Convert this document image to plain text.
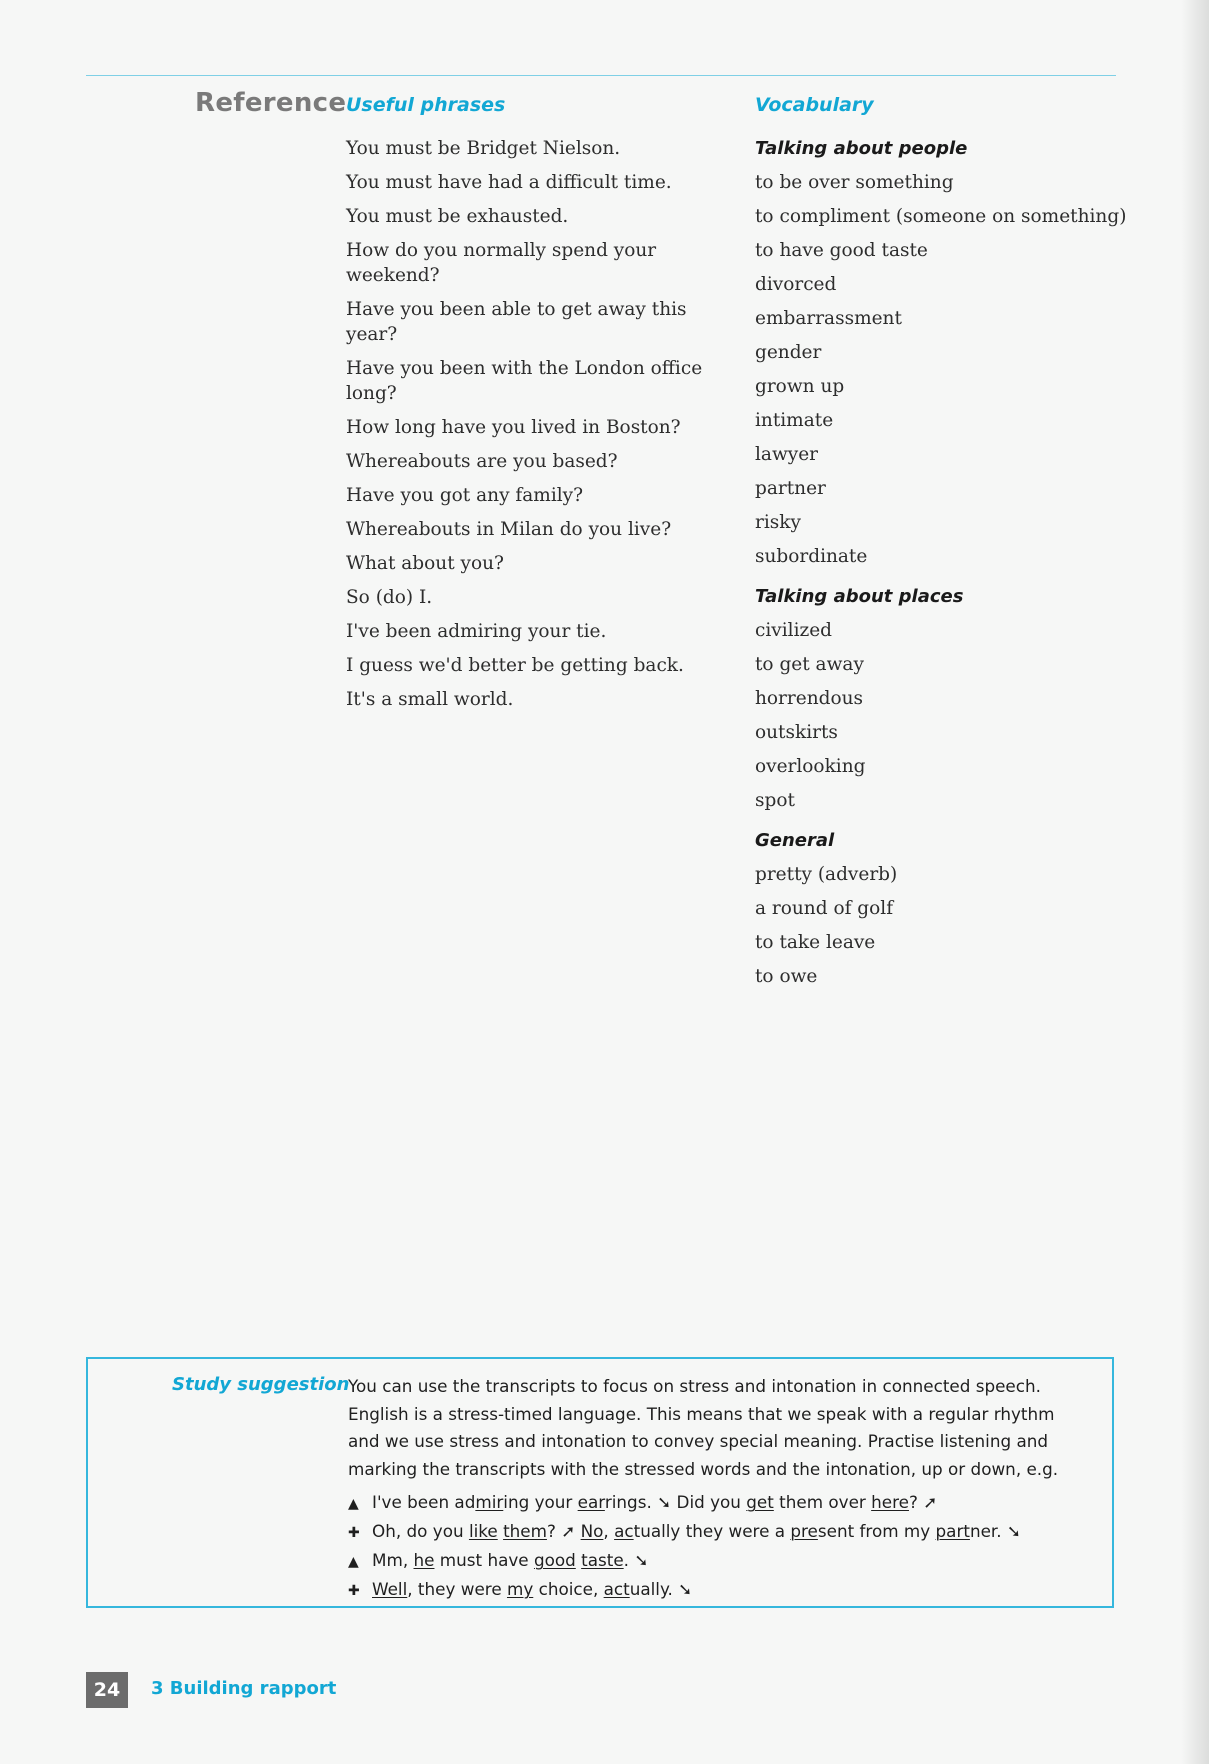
Reference Useful phrases	Vocabulary
You must be Bridget Nielson.
You must have had a difficult time.
You must be exhausted.
How do you normally spend your weekend?
Have you been able to get away this year?
Have you been with the London office long?
How long have you lived in Boston?
Whereabouts are you based?
Have you got any family?
Whereabouts in Milan do you live?
What about you?
So (do) I.
I've been admiring your tie.
I guess we'd better be getting back.
It's a small world.
Talking about people
to be over something
to compliment (someone on something)
to have good taste
divorced
embarrassment
gender
grown up
intimate
lawyer
partner
risky
subordinate
Talking about places
civilized
to get away
horrendous
outskirts
overlooking
spot
General
pretty (adverb)
a round of golf
to take leave
to owe
Study suggestion
You can use the transcripts to focus on stress and intonation in connected speech. English is a stress-timed language. This means that we speak with a regular rhythm and we use stress and intonation to convey special meaning. Practise listening and marking the transcripts with the stressed words and the intonation, up or down, e.g.
▲ I've been admiring your earrings. ➘ Did you get them over here? ➚
✚ Oh, do you like them? ➚ No, actually they were a present from my partner. ➘
▲ Mm, he must have good taste. ➘
✚ Well, they were my choice, actually. ➘
24	3 Building rapport
